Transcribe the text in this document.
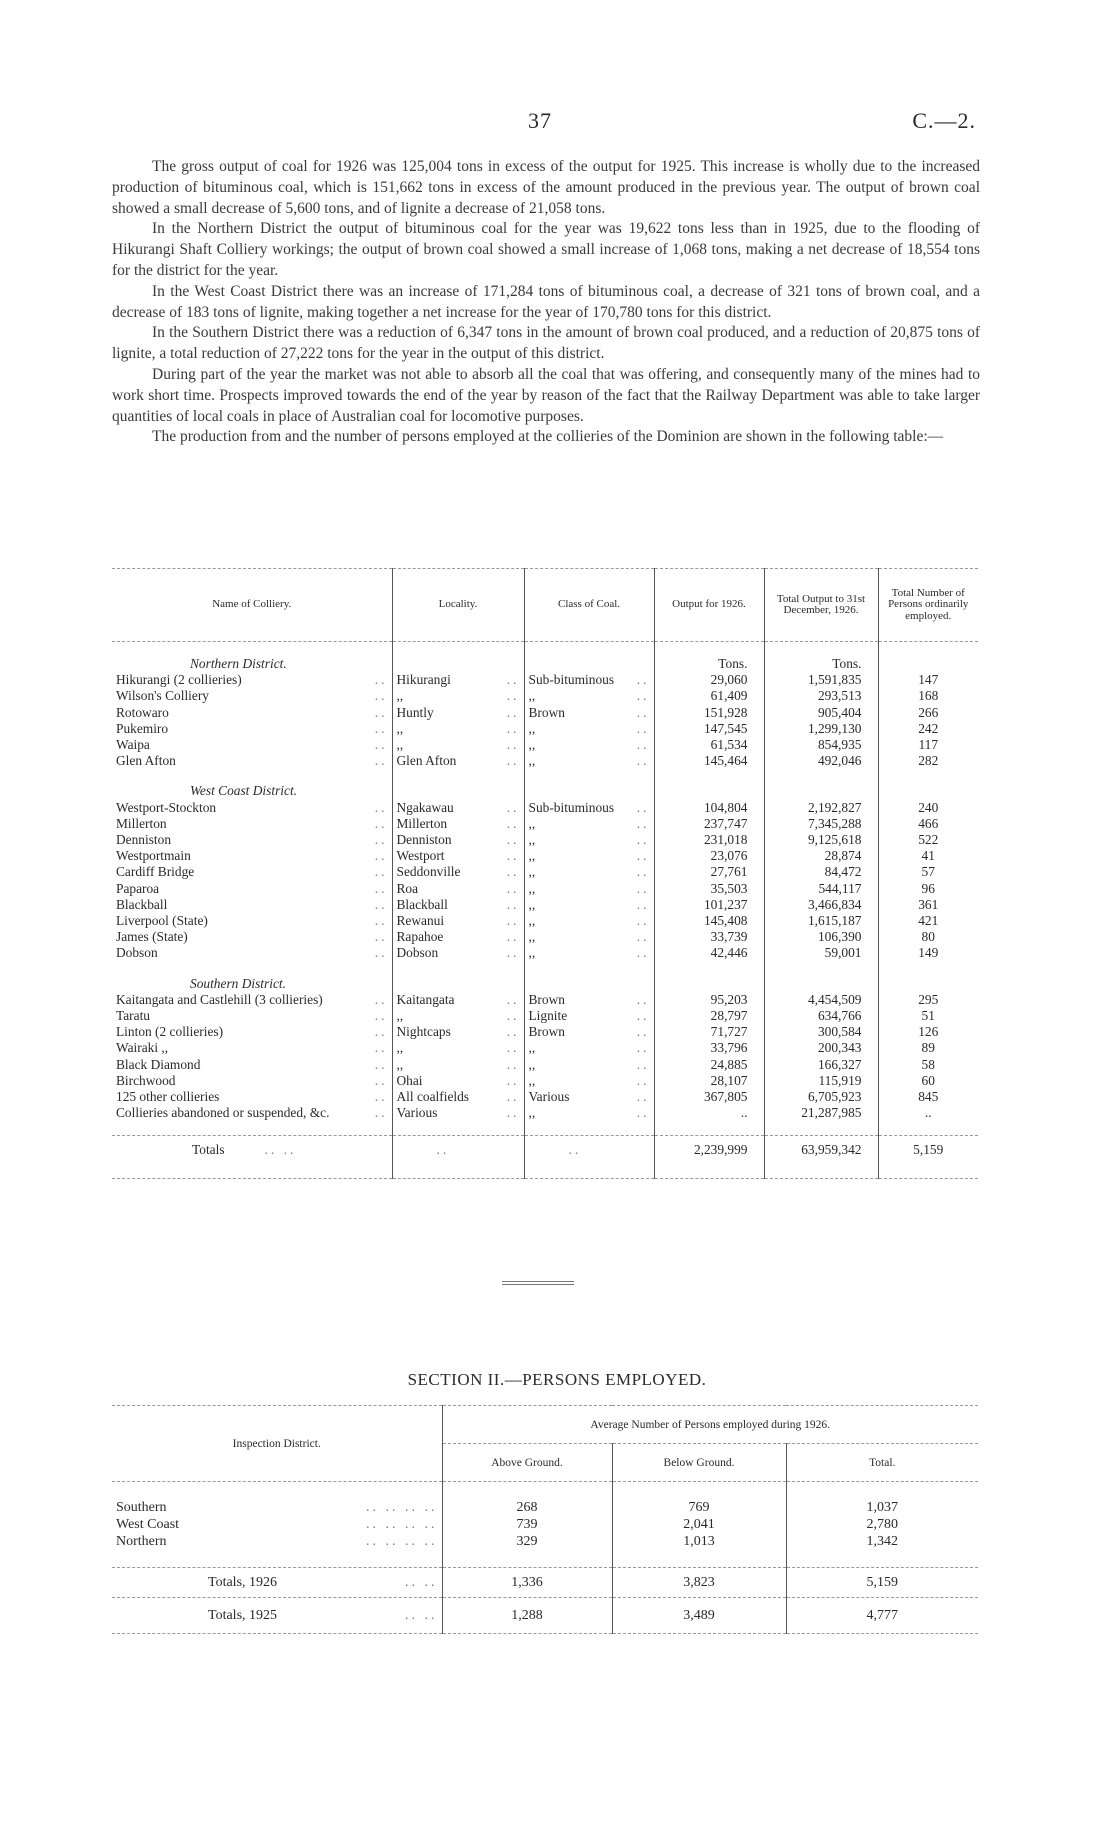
37	C.—2.

The gross output of coal for 1926 was 125,004 tons in excess of the output for 1925. This increase is wholly due to the increased production of bituminous coal, which is 151,662 tons in excess of the amount produced in the previous year. The output of brown coal showed a small decrease of 5,600 tons, and of lignite a decrease of 21,058 tons.

In the Northern District the output of bituminous coal for the year was 19,622 tons less than in 1925, due to the flooding of Hikurangi Shaft Colliery workings; the output of brown coal showed a small increase of 1,068 tons, making a net decrease of 18,554 tons for the district for the year.

In the West Coast District there was an increase of 171,284 tons of bituminous coal, a decrease of 321 tons of brown coal, and a decrease of 183 tons of lignite, making together a net increase for the year of 170,780 tons for this district.

In the Southern District there was a reduction of 6,347 tons in the amount of brown coal produced, and a reduction of 20,875 tons of lignite, a total reduction of 27,222 tons for the year in the output of this district.

During part of the year the market was not able to absorb all the coal that was offering, and consequently many of the mines had to work short time. Prospects improved towards the end of the year by reason of the fact that the Railway Department was able to take larger quantities of local coals in place of Australian coal for locomotive purposes.

The production from and the number of persons employed at the collieries of the Dominion are shown in the following table:—

Name of Colliery.	Locality.	Class of Coal.	Output for 1926.	Total Output to 31st December, 1926.	Total Number of Persons ordinarily employed.

Northern District.			Tons.	Tons.	
Hikurangi (2 collieries) ..	Hikurangi ..	Sub-bituminous ..	29,060	1,591,835	147
Wilson's Colliery ..	,, ..	,, ..	61,409	293,513	168
Rotowaro ..	Huntly ..	Brown ..	151,928	905,404	266
Pukemiro ..	,, ..	,, ..	147,545	1,299,130	242
Waipa ..	,, ..	,, ..	61,534	854,935	117
Glen Afton ..	Glen Afton ..	,, ..	145,464	492,046	282

West Coast District.					
Westport-Stockton ..	Ngakawau ..	Sub-bituminous ..	104,804	2,192,827	240
Millerton ..	Millerton ..	,, ..	237,747	7,345,288	466
Denniston ..	Denniston ..	,, ..	231,018	9,125,618	522
Westportmain ..	Westport ..	,, ..	23,076	28,874	41
Cardiff Bridge ..	Seddonville ..	,, ..	27,761	84,472	57
Paparoa ..	Roa ..	,, ..	35,503	544,117	96
Blackball ..	Blackball ..	,, ..	101,237	3,466,834	361
Liverpool (State) ..	Rewanui ..	,, ..	145,408	1,615,187	421
James (State) ..	Rapahoe ..	,, ..	33,739	106,390	80
Dobson ..	Dobson ..	,, ..	42,446	59,001	149

Southern District.					
Kaitangata and Castlehill (3 collieries) ..	Kaitangata ..	Brown ..	95,203	4,454,509	295
Taratu ..	,, ..	Lignite ..	28,797	634,766	51
Linton (2 collieries) ..	Nightcaps ..	Brown ..	71,727	300,584	126
Wairaki ,, ..	,, ..	,, ..	33,796	200,343	89
Black Diamond ..	,, ..	,, ..	24,885	166,327	58
Birchwood ..	Ohai ..	,, ..	28,107	115,919	60
125 other collieries ..	All coalfields ..	Various ..	367,805	6,705,923	845
Collieries abandoned or suspended, &c. ..	Various ..	,, ..	..	21,287,985	..

Totals .. ..	..	..	2,239,999	63,959,342	5,159

SECTION II.—PERSONS EMPLOYED.
Inspection District.	Average Number of Persons employed during 1926.		
	Above Ground.	Below Ground.	Total.

Southern .. .. .. ..	268	769	1,037
West Coast .. .. .. ..	739	2,041	2,780
Northern .. .. .. ..	329	1,013	1,342

Totals, 1926 .. ..	1,336	3,823	5,159
Totals, 1925 .. ..	1,288	3,489	4,777
